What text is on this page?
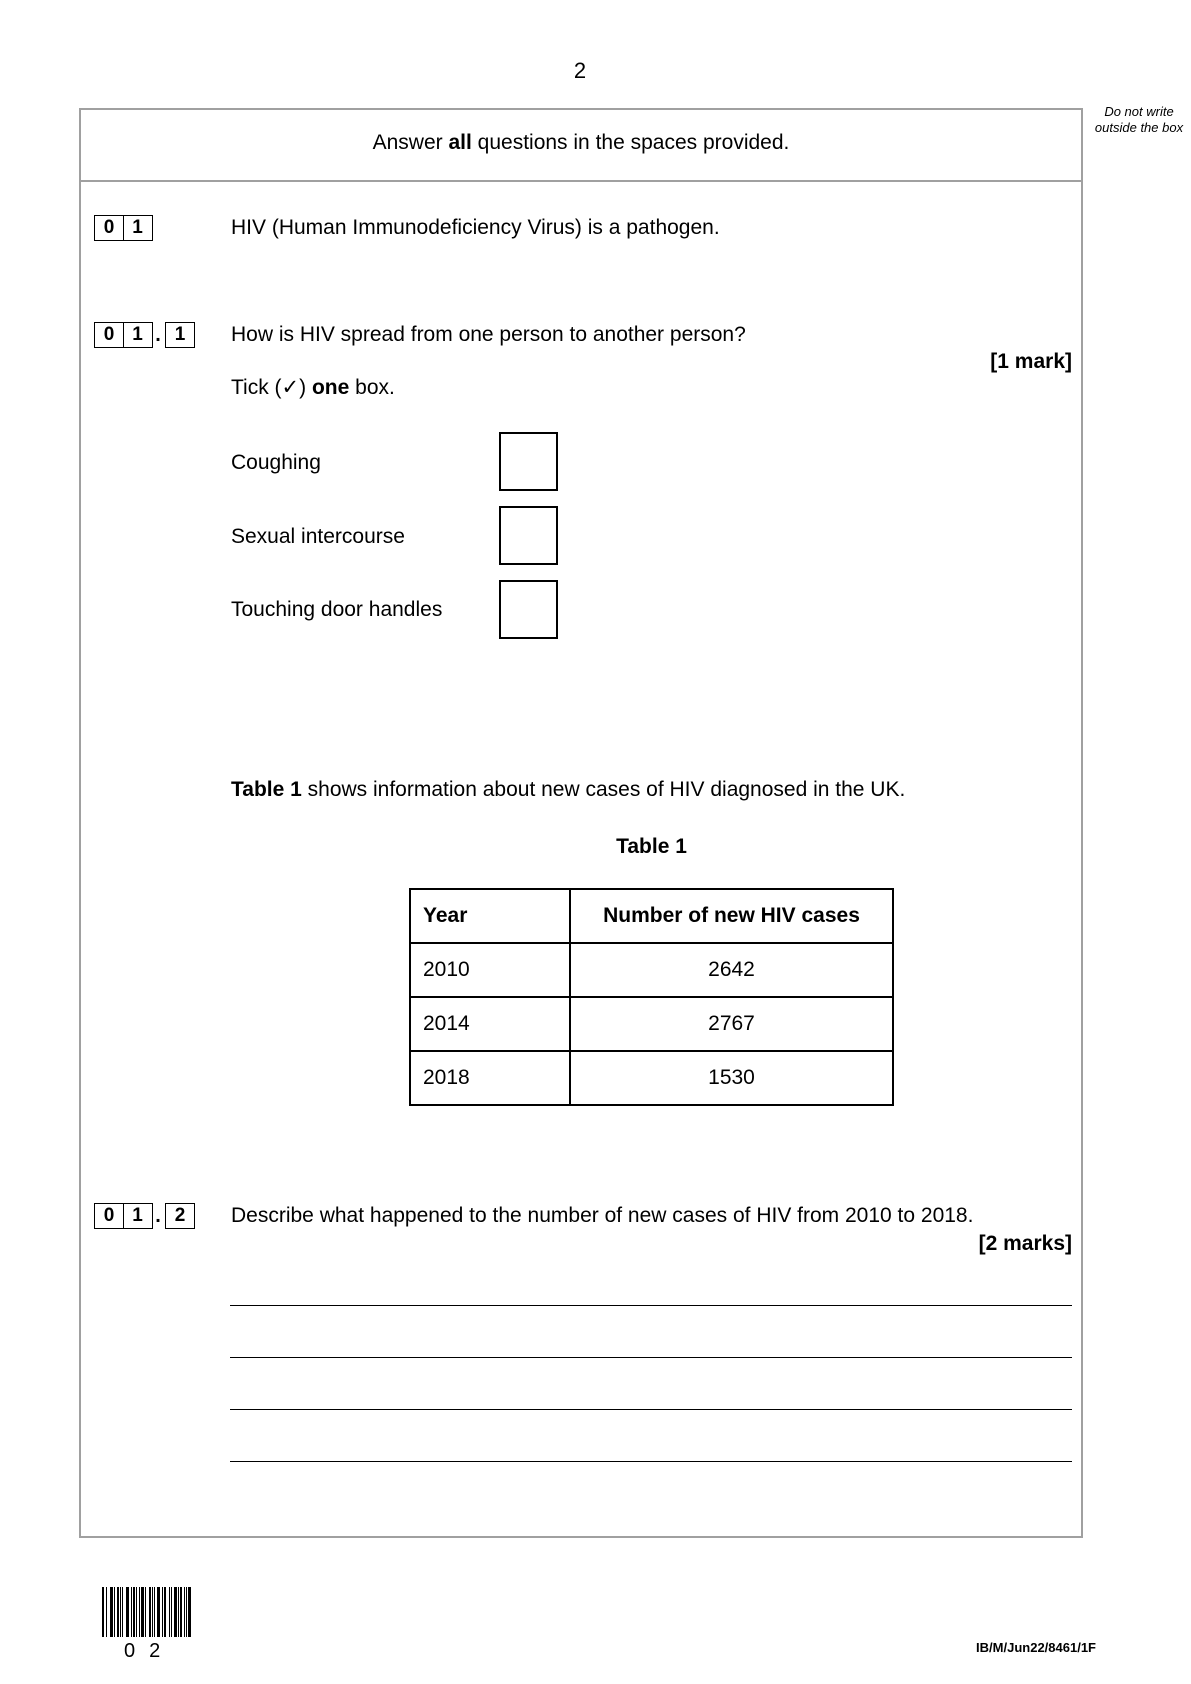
2
Do not write outside the box
Answer all questions in the spaces provided.
0 1	HIV (Human Immunodeficiency Virus) is a pathogen.
0 1 . 1	How is HIV spread from one person to another person?
[1 mark]
Tick (✓) one box.
Coughing
Sexual intercourse
Touching door handles
Table 1 shows information about new cases of HIV diagnosed in the UK.
Table 1
Year	Number of new HIV cases
2010	2642
2014	2767
2018	1530
0 1 . 2	Describe what happened to the number of new cases of HIV from 2010 to 2018.
[2 marks]
02	IB/M/Jun22/8461/1F
